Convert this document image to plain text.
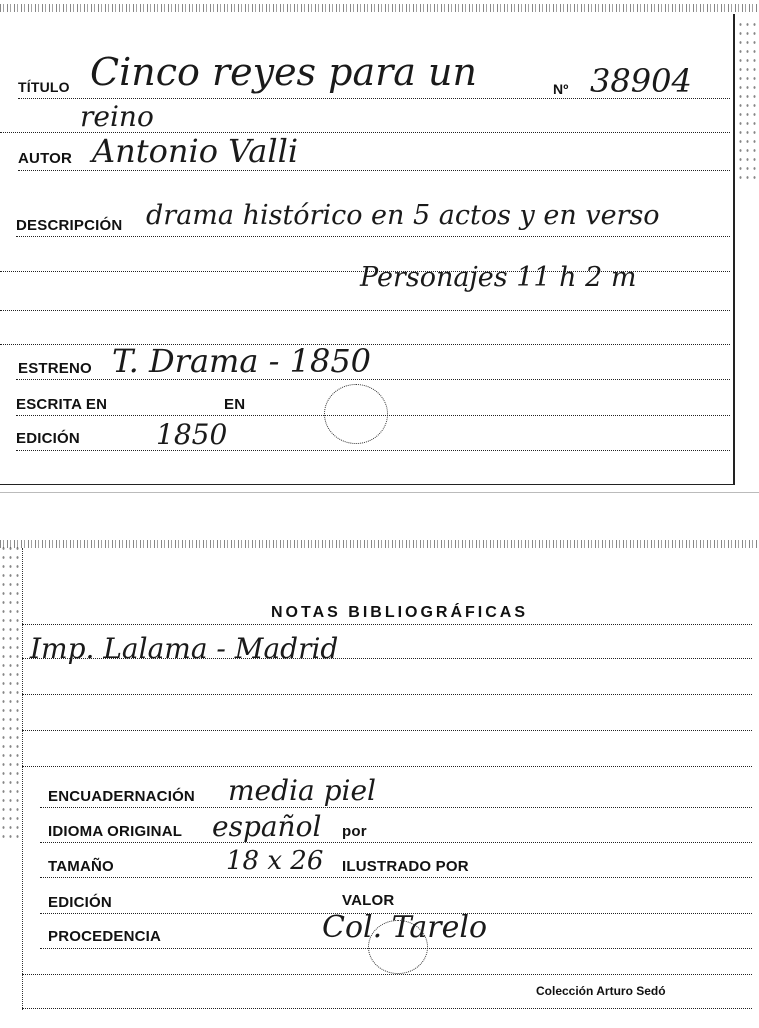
TÍTULO Cinco reyes para un	Nº 38904
reino
AUTOR Antonio Valli
DESCRIPCIÓN drama histórico en 5 actos y en verso
Personajes 11 h 2 m
ESTRENO T. Drama - 1850
ESCRITA EN	EN
EDICIÓN	1850
NOTAS BIBLIOGRÁFICAS
Imp. Lalama - Madrid
ENCUADERNACIÓN media piel
IDIOMA ORIGINAL español por
TAMAÑO	18 x 26 ILUSTRADO POR
EDICIÓN	VALOR
PROCEDENCIA	Col. Tarelo
Colección Arturo Sedó
